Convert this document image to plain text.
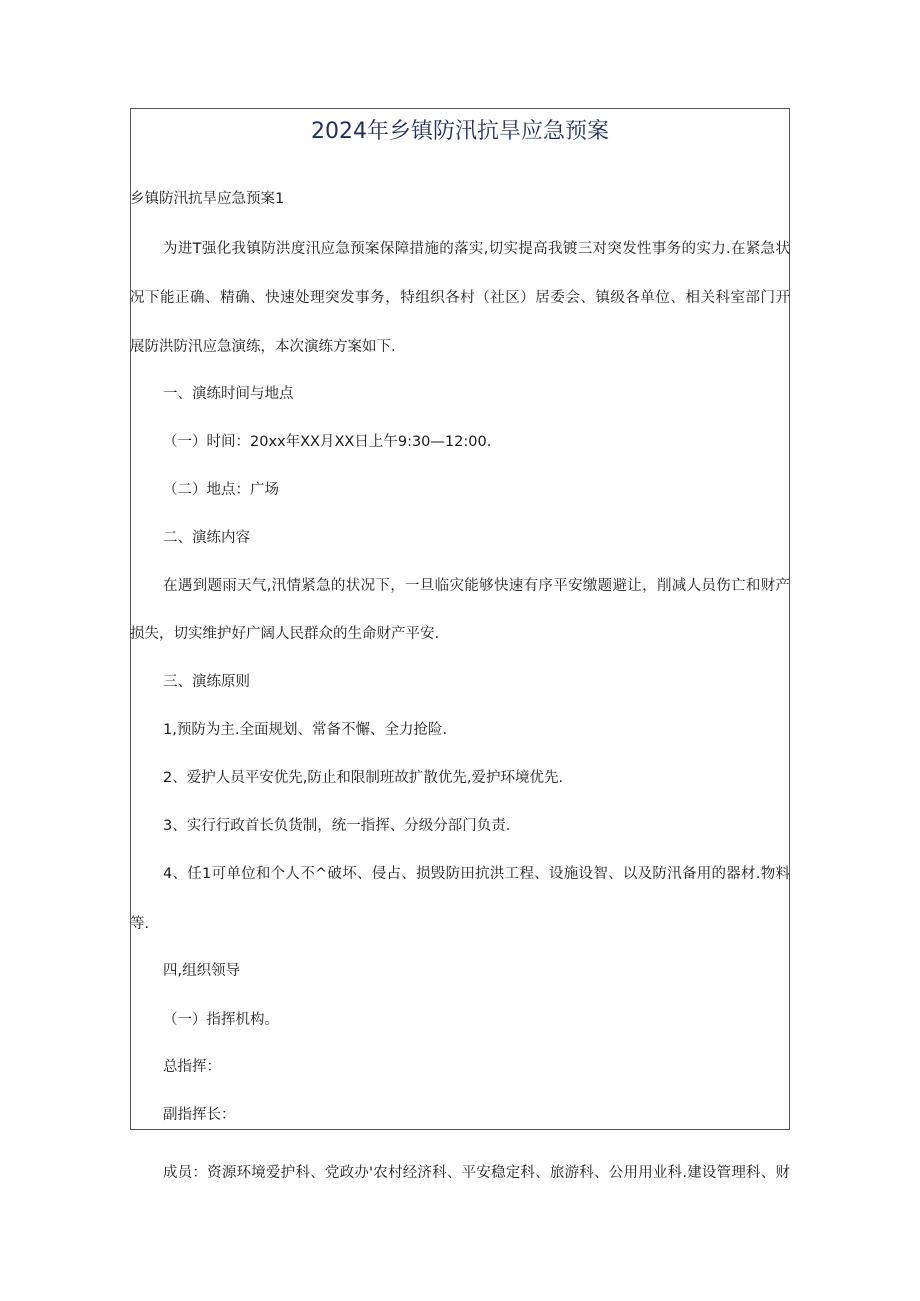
2024年乡镇防汛抗旱应急预案
乡镇防汛抗旱应急预案1
为进T强化我镇防洪度汛应急预案保障措施的落实,切实提高我镀三对突发性事务的实力.在紧急状
况下能正确、精确、快速处理突发事务，特组织各村（社区）居委会、镇级各单位、相关科室部门开
展防洪防汛应急演练，本次演练方案如下.
一、演练时间与地点
（一）时间：20xx年XX月XX日上午9:30—12:00.
（二）地点：广场
二、演练内容
在遇到题雨天气,汛情紧急的状况下，一旦临灾能够快速有序平安缴题避让，削减人员伤亡和财产
损失，切实维护好广阔人民群众的生命财产平安.
三、演练原则
1,预防为主.全面规划、常备不懈、全力抢险.
2、爱护人员平安优先,防止和限制班故扩散优先,爱护环境优先.
3、实行行政首长负货制，统一指挥、分级分部门负责.
4、任1可单位和个人不^破坏、侵占、损毁防田抗洪工程、设施设智、以及防汛备用的器材.物料
等.
四,组织领导
（一）指挥机构。
总指挥：
副指挥长：
成员：资源环境爱护科、党政办'农村经济科、平安稳定科、旅游科、公用用业科.建设管理科、财
